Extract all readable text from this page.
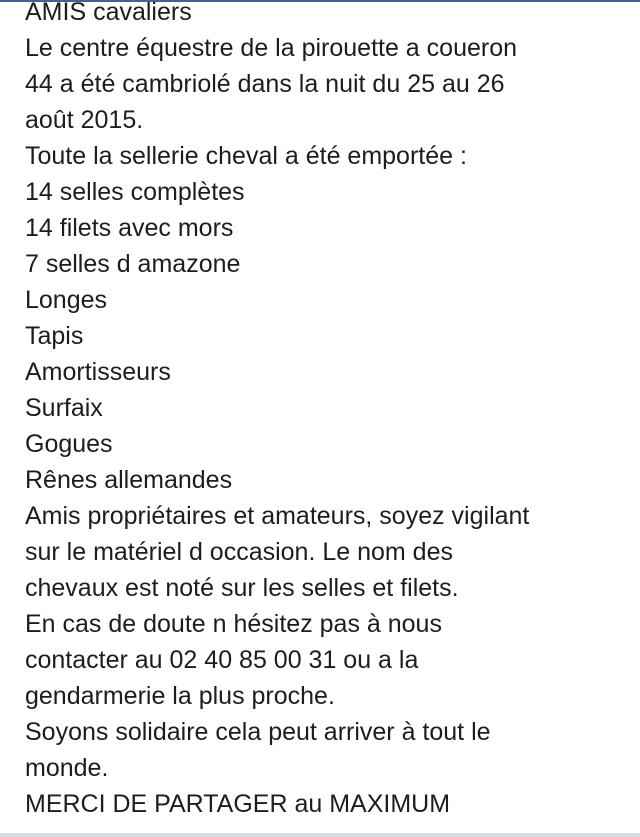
AMIS cavaliers
Le centre équestre de la pirouette a coueron
44 a été cambriolé dans la nuit du 25 au 26
août 2015.
Toute la sellerie cheval a été emportée :
14 selles complètes
14 filets avec mors
7 selles d amazone
Longes
Tapis
Amortisseurs
Surfaix
Gogues
Rênes allemandes
Amis propriétaires et amateurs, soyez vigilant
sur le matériel d occasion. Le nom des
chevaux est noté sur les selles et filets.
En cas de doute n hésitez pas à nous
contacter au 02 40 85 00 31 ou a la
gendarmerie la plus proche.
Soyons solidaire cela peut arriver à tout le
monde.
MERCI DE PARTAGER au MAXIMUM
